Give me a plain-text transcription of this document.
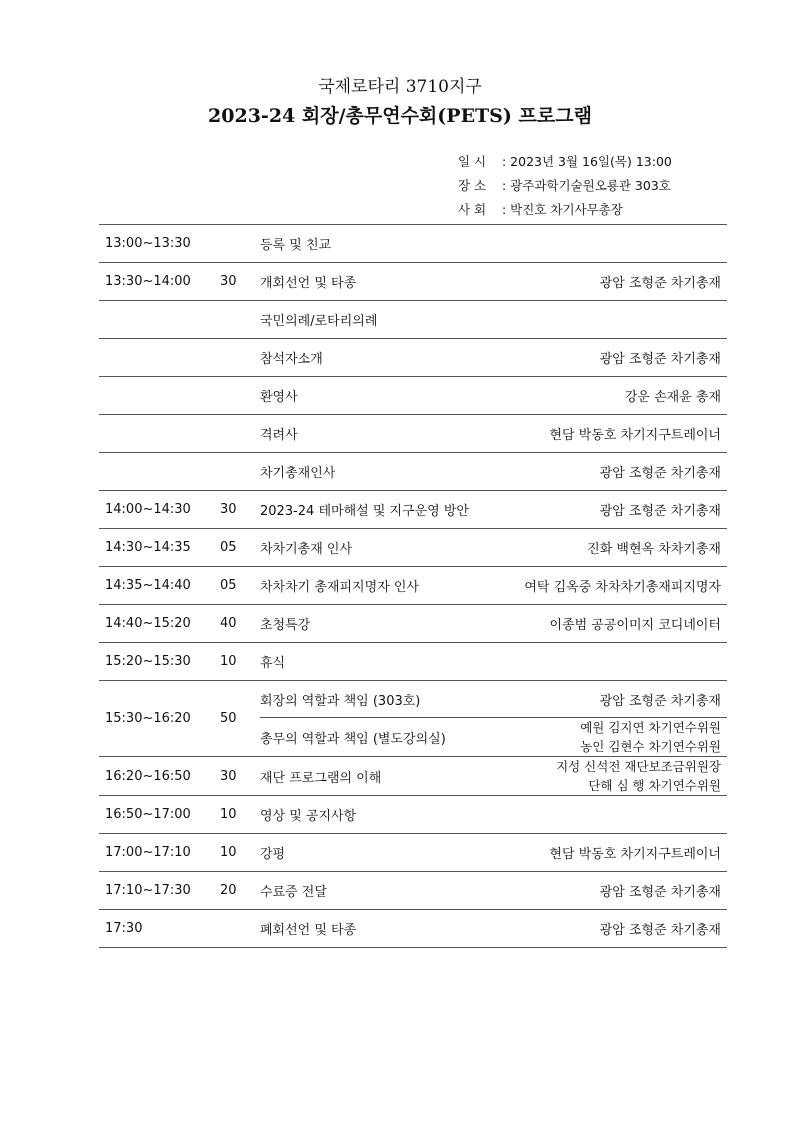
국제로타리 3710지구
2023-24 회장/총무연수회(PETS) 프로그램
일 시 : 2023년 3월 16일(목) 13:00
장 소 : 광주과학기술원오룡관 303호
사 회 : 박진호 차기사무총장
13:00~13:30		등록 및 친교	
13:30~14:00	30	개회선언 및 타종	광암 조형준 차기총재
		국민의례/로타리의례	
		참석자소개	광암 조형준 차기총재
		환영사	강운 손재윤 총재
		격려사	현담 박동호 차기지구트레이너
		차기총재인사	광암 조형준 차기총재
14:00~14:30	30	2023-24 테마해설 및 지구운영 방안	광암 조형준 차기총재
14:30~14:35	05	차차기총재 인사	진화 백현옥 차차기총재
14:35~14:40	05	차차차기 총재피지명자 인사	여탁 김옥중 차차차기총재피지명자
14:40~15:20	40	초청특강	이종범 공공이미지 코디네이터
15:20~15:30	10	휴식	
15:30~16:20	50	회장의 역할과 책임 (303호)	광암 조형준 차기총재
		총무의 역할과 책임 (별도강의실)	예원 김지연 차기연수위원
농인 김현수 차기연수위원

16:20~16:50	30	재단 프로그램의 이해	지성 신석전 재단보조금위원장
단해 심 행 차기연수위원

16:50~17:00	10	영상 및 공지사항	
17:00~17:10	10	강평	현담 박동호 차기지구트레이너
17:10~17:30	20	수료증 전달	광암 조형준 차기총재
17:30		폐회선언 및 타종	광암 조형준 차기총재
